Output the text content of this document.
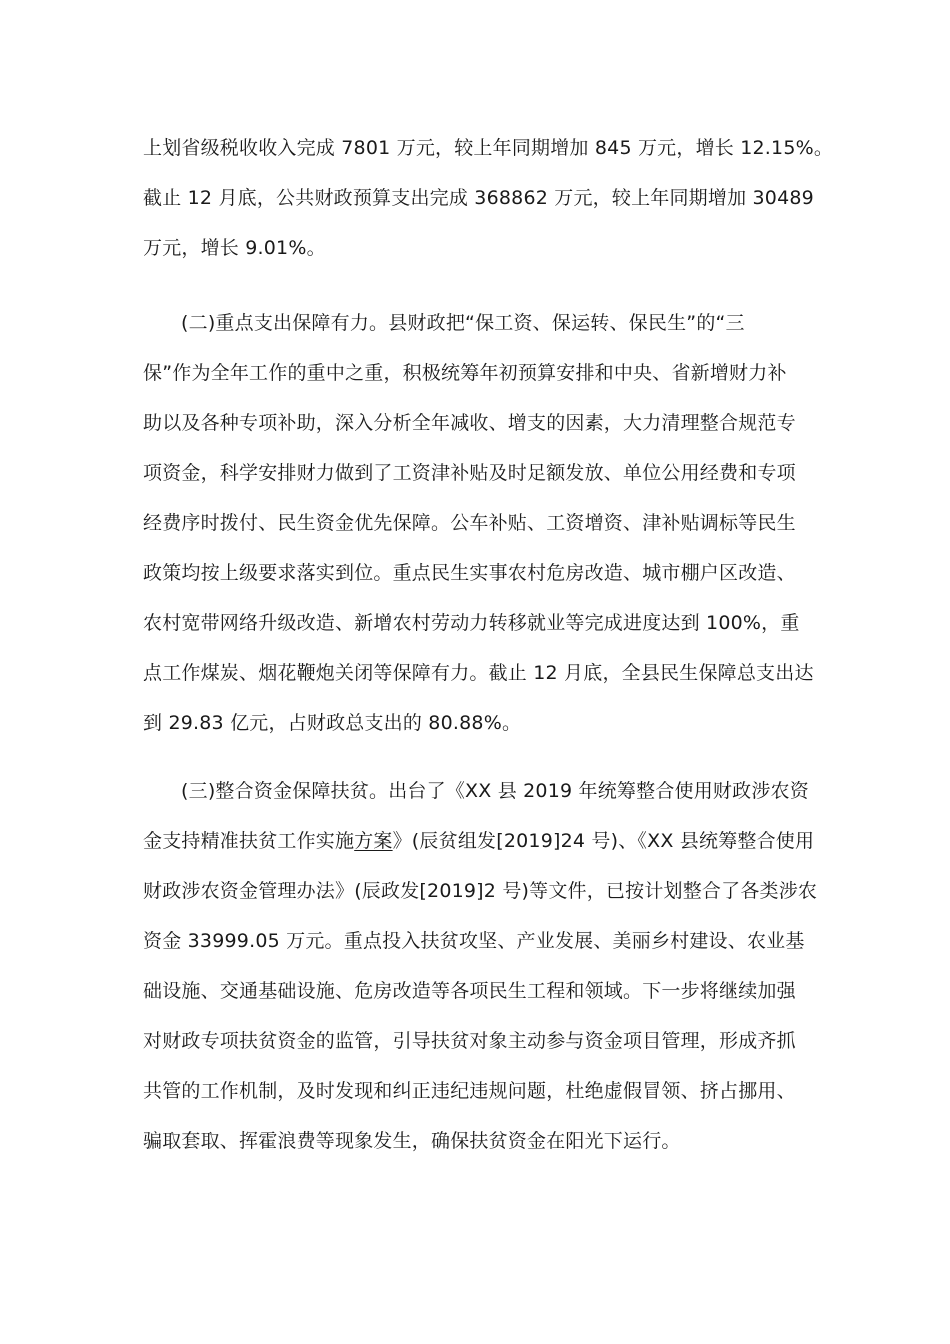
上划省级税收收入完成 7801 万元，较上年同期增加 845 万元，增长 12.15%。
截止 12 月底，公共财政预算支出完成 368862 万元，较上年同期增加 30489
万元，增长 9.01%。
(二)重点支出保障有力。县财政把“保工资、保运转、保民生”的“三
保”作为全年工作的重中之重，积极统筹年初预算安排和中央、省新增财力补
助以及各种专项补助，深入分析全年减收、增支的因素，大力清理整合规范专
项资金，科学安排财力做到了工资津补贴及时足额发放、单位公用经费和专项
经费序时拨付、民生资金优先保障。公车补贴、工资增资、津补贴调标等民生
政策均按上级要求落实到位。重点民生实事农村危房改造、城市棚户区改造、
农村宽带网络升级改造、新增农村劳动力转移就业等完成进度达到 100%，重
点工作煤炭、烟花鞭炮关闭等保障有力。截止 12 月底，全县民生保障总支出达
到 29.83 亿元，占财政总支出的 80.88%。
(三)整合资金保障扶贫。出台了《XX 县 2019 年统筹整合使用财政涉农资
金支持精准扶贫工作实施方案》(辰贫组发[2019]24 号)、《XX 县统筹整合使用
财政涉农资金管理办法》(辰政发[2019]2 号)等文件，已按计划整合了各类涉农
资金 33999.05 万元。重点投入扶贫攻坚、产业发展、美丽乡村建设、农业基
础设施、交通基础设施、危房改造等各项民生工程和领域。下一步将继续加强
对财政专项扶贫资金的监管，引导扶贫对象主动参与资金项目管理，形成齐抓
共管的工作机制，及时发现和纠正违纪违规问题，杜绝虚假冒领、挤占挪用、
骗取套取、挥霍浪费等现象发生，确保扶贫资金在阳光下运行。
